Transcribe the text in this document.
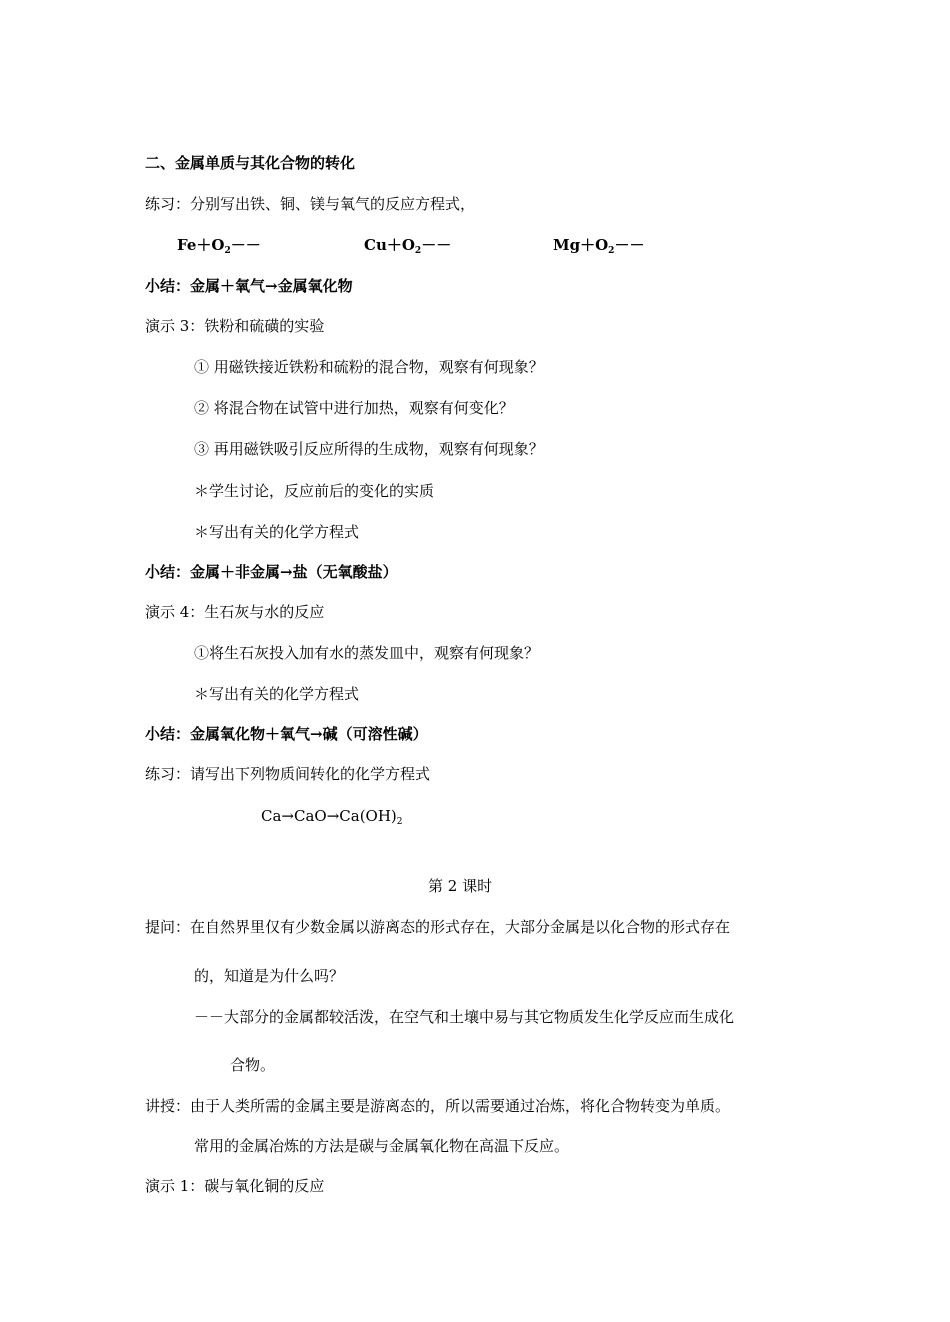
二、金属单质与其化合物的转化
练习：分别写出铁、铜、镁与氧气的反应方程式，
$Fe+O_2--$	$Cu+O_2--$	$Mg+O_2--$
小结：金属＋氧气→金属氧化物
演示 3：铁粉和硫磺的实验
① 用磁铁接近铁粉和硫粉的混合物，观察有何现象？
② 将混合物在试管中进行加热，观察有何变化？
③ 再用磁铁吸引反应所得的生成物，观察有何现象？
＊学生讨论，反应前后的变化的实质
＊写出有关的化学方程式
小结：金属＋非金属→盐（无氧酸盐）
演示 4：生石灰与水的反应
①将生石灰投入加有水的蒸发皿中，观察有何现象？
＊写出有关的化学方程式
小结：金属氧化物＋氧气→碱（可溶性碱）
练习：请写出下列物质间转化的化学方程式
$Ca\to CaO\to Ca(OH)_2$
第 2 课时
提问：在自然界里仅有少数金属以游离态的形式存在，大部分金属是以化合物的形式存在
的，知道是为什么吗？
－－大部分的金属都较活泼，在空气和土壤中易与其它物质发生化学反应而生成化
合物。
讲授：由于人类所需的金属主要是游离态的，所以需要通过冶炼，将化合物转变为单质。
常用的金属冶炼的方法是碳与金属氧化物在高温下反应。
演示 1：碳与氧化铜的反应
